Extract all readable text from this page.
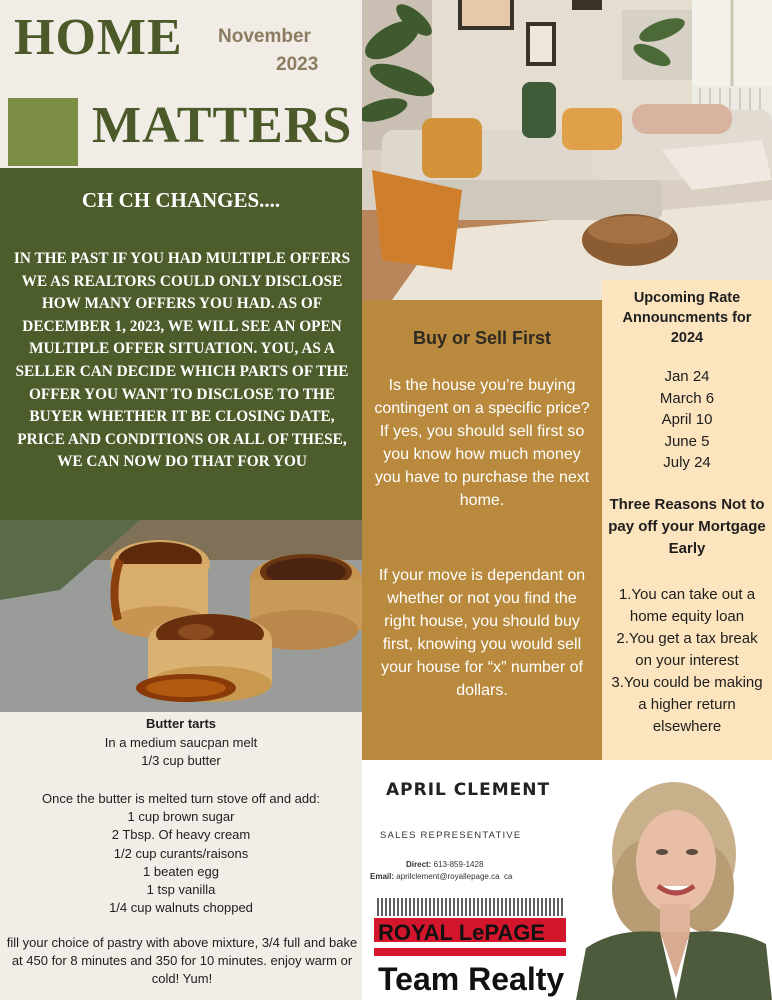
HOME November
2023
MATTERS
CH CH CHANGES....
IN THE PAST IF YOU HAD MULTIPLE OFFERS WE AS REALTORS COULD ONLY DISCLOSE HOW MANY OFFERS YOU HAD. AS OF DECEMBER 1, 2023, WE WILL SEE AN OPEN MULTIPLE OFFER SITUATION. YOU, AS A SELLER CAN DECIDE WHICH PARTS OF THE OFFER YOU WANT TO DISCLOSE TO THE BUYER WHETHER IT BE CLOSING DATE, PRICE AND CONDITIONS OR ALL OF THESE, WE CAN NOW DO THAT FOR YOU
Buy or Sell First
Is the house you’re buying contingent on a specific price? If yes, you should sell first so you know how much money you have to purchase the next home.
If your move is dependant on whether or not you find the right house, you should buy first, knowing you would sell your house for “x” number of dollars.
Upcoming Rate Announcments for 2024
Jan 24
March 6
April 10
June 5
July 24
Three Reasons Not to pay off your Mortgage Early
1.You can take out a home equity loan
2.You get a tax break on your interest
3.You could be making a higher return elsewhere
Butter tarts
In a medium saucpan melt
1/3 cup butter
Once the butter is melted turn stove off and add:
1 cup brown sugar
2 Tbsp. Of heavy cream
1/2 cup curants/raisons
1 beaten egg
1 tsp vanilla
1/4 cup walnuts chopped
fill your choice of pastry with above mixture, 3/4 full and bake at 450 for 8 minutes and 350 for 10 minutes. enjoy warm or cold! Yum!
APRIL CLEMENT
SALES REPRESENTATIVE
Direct: 613-859-1428
Email: aprilclement@royallepage.ca ca
ROYAL LePAGE
Team Realty
